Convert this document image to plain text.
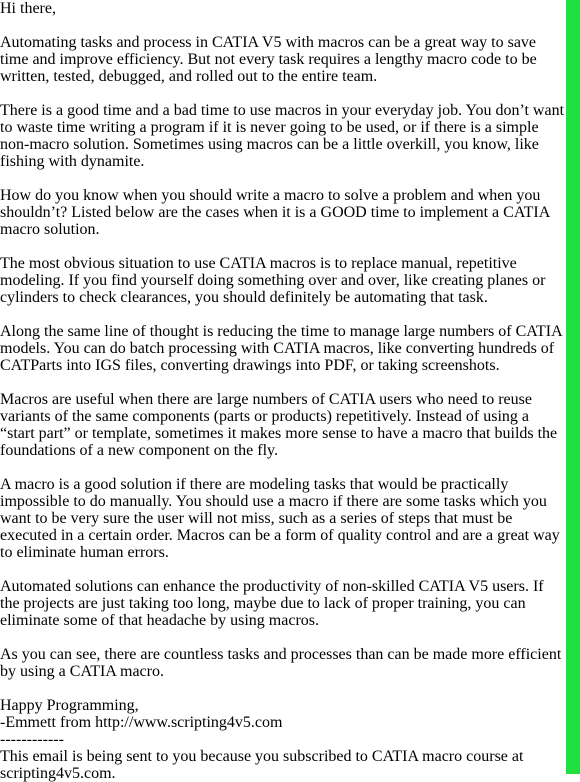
Hi there,

Automating tasks and process in CATIA V5 with macros can be a great way to save time and improve efficiency. But not every task requires a lengthy macro code to be written, tested, debugged, and rolled out to the entire team.

There is a good time and a bad time to use macros in your everyday job. You don’t want to waste time writing a program if it is never going to be used, or if there is a simple non-macro solution. Sometimes using macros can be a little overkill, you know, like fishing with dynamite.

How do you know when you should write a macro to solve a problem and when you shouldn’t? Listed below are the cases when it is a GOOD time to implement a CATIA macro solution.

The most obvious situation to use CATIA macros is to replace manual, repetitive modeling. If you find yourself doing something over and over, like creating planes or cylinders to check clearances, you should definitely be automating that task.

Along the same line of thought is reducing the time to manage large numbers of CATIA models. You can do batch processing with CATIA macros, like converting hundreds of CATParts into IGS files, converting drawings into PDF, or taking screenshots.

Macros are useful when there are large numbers of CATIA users who need to reuse variants of the same components (parts or products) repetitively. Instead of using a “start part” or template, sometimes it makes more sense to have a macro that builds the foundations of a new component on the fly.

A macro is a good solution if there are modeling tasks that would be practically impossible to do manually. You should use a macro if there are some tasks which you want to be very sure the user will not miss, such as a series of steps that must be executed in a certain order. Macros can be a form of quality control and are a great way to eliminate human errors.

Automated solutions can enhance the productivity of non-skilled CATIA V5 users. If the projects are just taking too long, maybe due to lack of proper training, you can eliminate some of that headache by using macros.

As you can see, there are countless tasks and processes than can be made more efficient by using a CATIA macro.

Happy Programming,

-Emmett from http://www.scripting4v5.com

------------

This email is being sent to you because you subscribed to CATIA macro course at scripting4v5.com.
